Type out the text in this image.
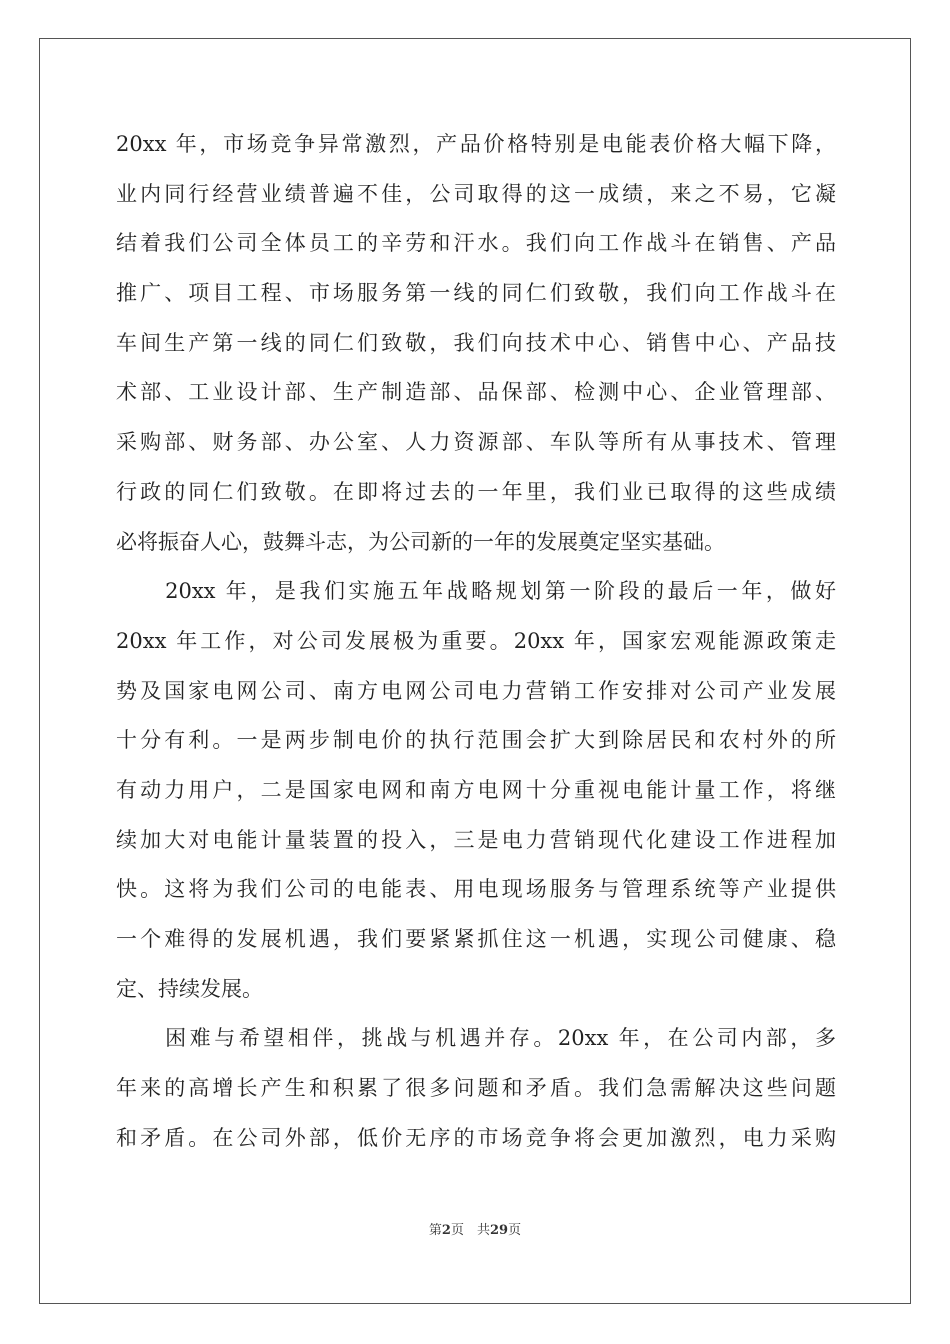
20xx 年，市场竞争异常激烈，产品价格特别是电能表价格大幅下降，
业内同行经营业绩普遍不佳，公司取得的这一成绩，来之不易，它凝
结着我们公司全体员工的辛劳和汗水。我们向工作战斗在销售、产品
推广、项目工程、市场服务第一线的同仁们致敬，我们向工作战斗在
车间生产第一线的同仁们致敬，我们向技术中心、销售中心、产品技
术部、工业设计部、生产制造部、品保部、检测中心、企业管理部、
采购部、财务部、办公室、人力资源部、车队等所有从事技术、管理
行政的同仁们致敬。在即将过去的一年里，我们业已取得的这些成绩
必将振奋人心，鼓舞斗志，为公司新的一年的发展奠定坚实基础。
　　20xx 年，是我们实施五年战略规划第一阶段的最后一年，做好
20xx 年工作，对公司发展极为重要。20xx 年，国家宏观能源政策走
势及国家电网公司、南方电网公司电力营销工作安排对公司产业发展
十分有利。一是两步制电价的执行范围会扩大到除居民和农村外的所
有动力用户，二是国家电网和南方电网十分重视电能计量工作，将继
续加大对电能计量装置的投入，三是电力营销现代化建设工作进程加
快。这将为我们公司的电能表、用电现场服务与管理系统等产业提供
一个难得的发展机遇，我们要紧紧抓住这一机遇，实现公司健康、稳
定、持续发展。
　　困难与希望相伴，挑战与机遇并存。20xx 年，在公司内部，多
年来的高增长产生和积累了很多问题和矛盾。我们急需解决这些问题
和矛盾。在公司外部，低价无序的市场竞争将会更加激烈，电力采购
第2页　共29页
